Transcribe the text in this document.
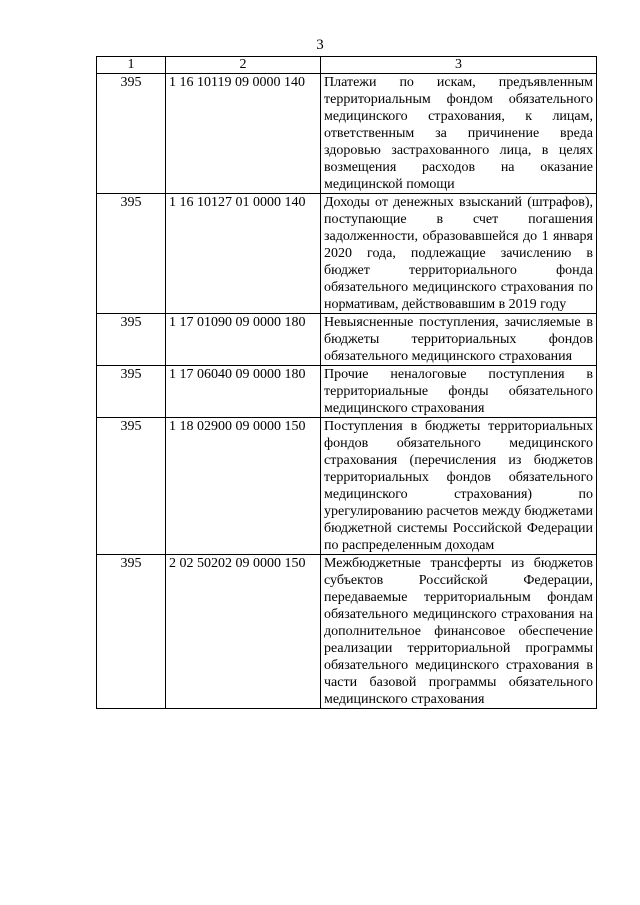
3
1	2	3
395	1 16 10119 09 0000 140	Платежи по искам, предъявленным территориальным фондом обязательного медицинского страхования, к лицам, ответственным за причинение вреда здоровью застрахованного лица, в целях возмещения расходов на оказание медицинской помощи
395	1 16 10127 01 0000 140	Доходы от денежных взысканий (штрафов), поступающие в счет погашения задолженности, образовавшейся до 1 января 2020 года, подлежащие зачислению в бюджет территориального фонда обязательного медицинского страхования по нормативам, действовавшим в 2019 году
395	1 17 01090 09 0000 180	Невыясненные поступления, зачисляемые в бюджеты территориальных фондов обязательного медицинского страхования
395	1 17 06040 09 0000 180	Прочие неналоговые поступления в территориальные фонды обязательного медицинского страхования
395	1 18 02900 09 0000 150	Поступления в бюджеты территориальных фондов обязательного медицинского страхования (перечисления из бюджетов территориальных фондов обязательного медицинского страхования) по урегулированию расчетов между бюджетами бюджетной системы Российской Федерации по распределенным доходам
395	2 02 50202 09 0000 150	Межбюджетные трансферты из бюджетов субъектов Российской Федерации, передаваемые территориальным фондам обязательного медицинского страхования на дополнительное финансовое обеспечение реализации территориальной программы обязательного медицинского страхования в части базовой программы обязательного медицинского страхования
